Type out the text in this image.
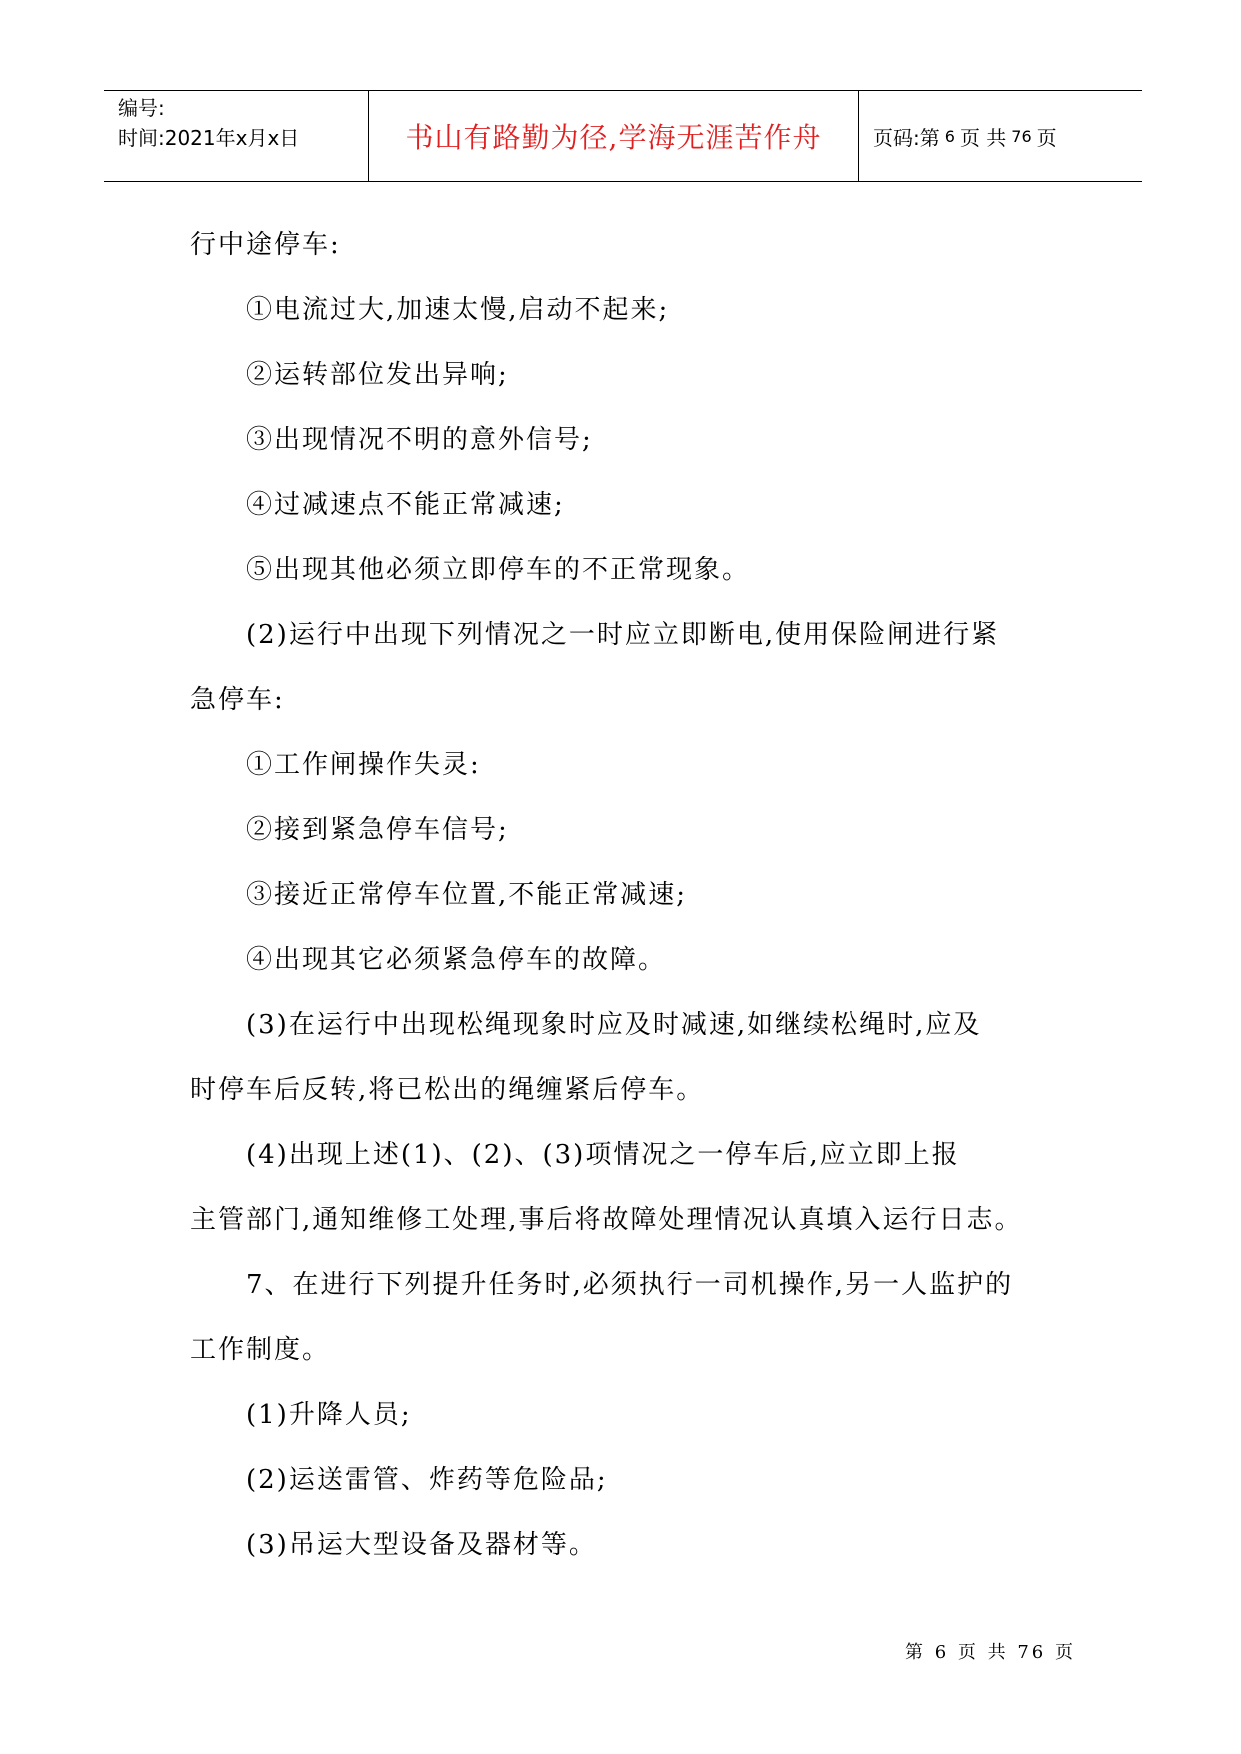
编号:
时间:2021年x月x日	书山有路勤为径,学海无涯苦作舟	页码:第 6 页 共 76 页
行中途停车:
①电流过大,加速太慢,启动不起来;
②运转部位发出异响;
③出现情况不明的意外信号;
④过减速点不能正常减速;
⑤出现其他必须立即停车的不正常现象。
(2)运行中出现下列情况之一时应立即断电,使用保险闸进行紧
急停车:
①工作闸操作失灵:
②接到紧急停车信号;
③接近正常停车位置,不能正常减速;
④出现其它必须紧急停车的故障。
(3)在运行中出现松绳现象时应及时减速,如继续松绳时,应及
时停车后反转,将已松出的绳缠紧后停车。
(4)出现上述(1)、(2)、(3)项情况之一停车后,应立即上报
主管部门,通知维修工处理,事后将故障处理情况认真填入运行日志。
7、在进行下列提升任务时,必须执行一司机操作,另一人监护的
工作制度。
(1)升降人员;
(2)运送雷管、炸药等危险品;
(3)吊运大型设备及器材等。
第 6 页 共 76 页
